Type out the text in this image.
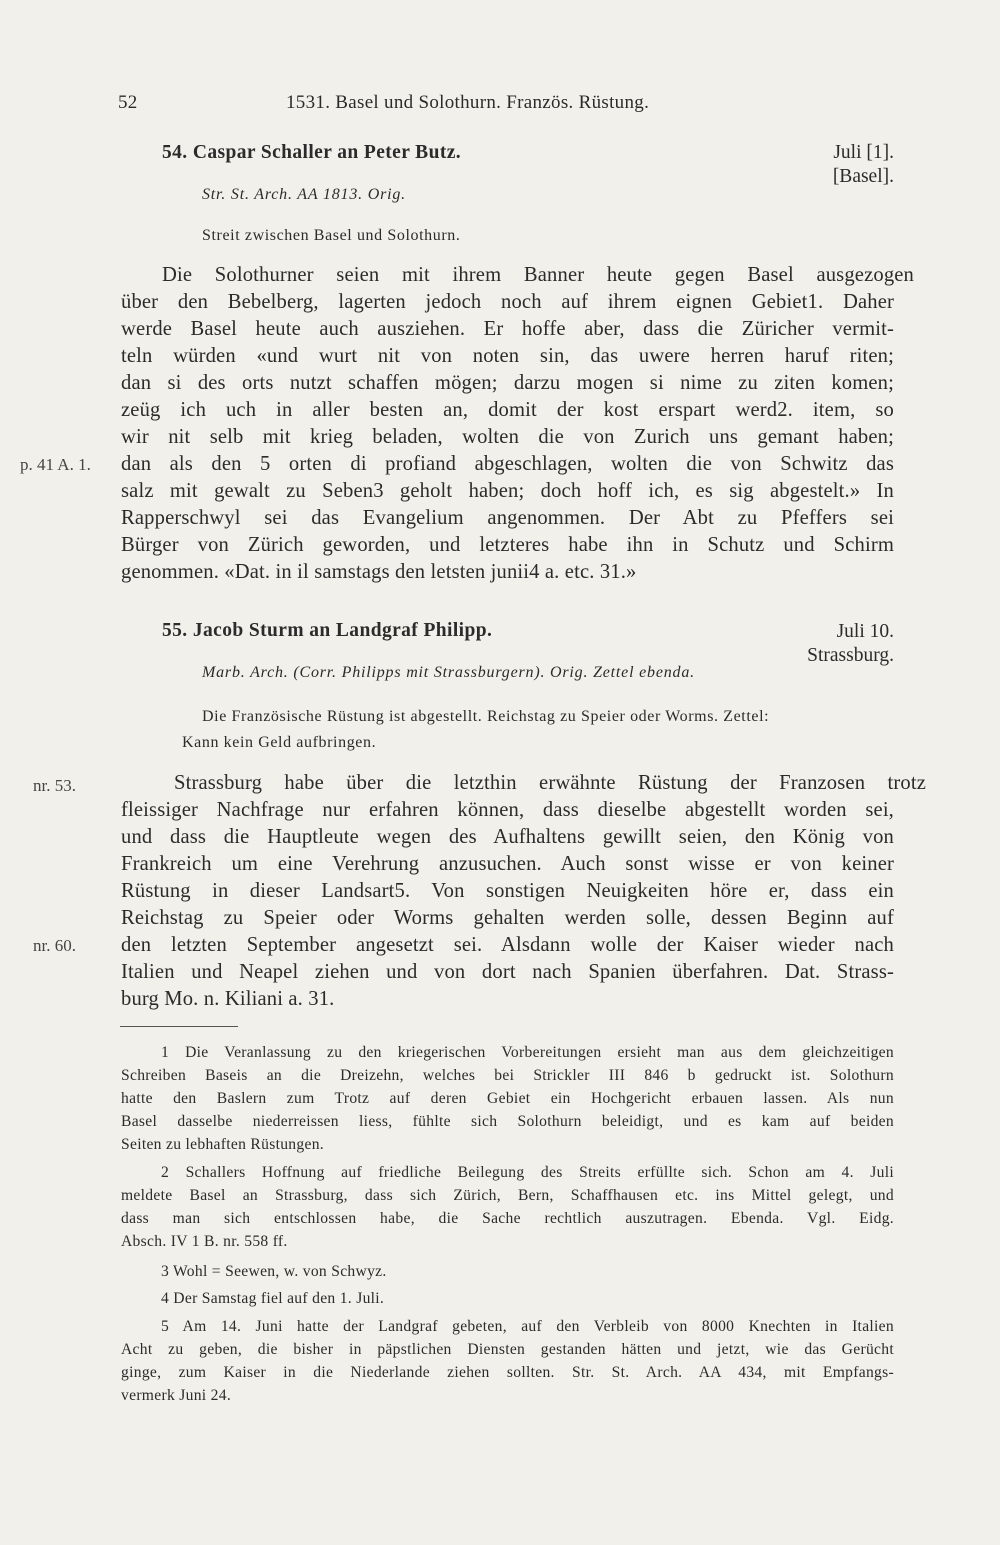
52	1531. Basel und Solothurn. Französ. Rüstung.
54. Caspar Schaller an Peter Butz.	Juli [1].
[Basel].
Str. St. Arch. AA 1813. Orig.
Streit zwischen Basel und Solothurn.
Die Solothurner seien mit ihrem Banner heute gegen Basel ausgezogen
über den Bebelberg, lagerten jedoch noch auf ihrem eignen Gebiet1. Daher
werde Basel heute auch ausziehen. Er hoffe aber, dass die Züricher vermit-
teln würden «und wurt nit von noten sin, das uwere herren haruf riten;
dan si des orts nutzt schaffen mögen; darzu mogen si nime zu ziten komen;
zeüg ich uch in aller besten an, domit der kost erspart werd2. item, so
wir nit selb mit krieg beladen, wolten die von Zurich uns gemant haben;
dan als den 5 orten di profiand abgeschlagen, wolten die von Schwitz das
salz mit gewalt zu Seben3 geholt haben; doch hoff ich, es sig abgestelt.» In
Rapperschwyl sei das Evangelium angenommen. Der Abt zu Pfeffers sei
Bürger von Zürich geworden, und letzteres habe ihn in Schutz und Schirm
genommen. «Dat. in il samstags den letsten junii4 a. etc. 31.»
p. 41 A. 1.
55. Jacob Sturm an Landgraf Philipp.	Juli 10.
Strassburg.
Marb. Arch. (Corr. Philipps mit Strassburgern). Orig. Zettel ebenda.
Die Französische Rüstung ist abgestellt. Reichstag zu Speier oder Worms. Zettel:
Kann kein Geld aufbringen.
Strassburg habe über die letzthin erwähnte Rüstung der Franzosen trotz
fleissiger Nachfrage nur erfahren können, dass dieselbe abgestellt worden sei,
und dass die Hauptleute wegen des Aufhaltens gewillt seien, den König von
Frankreich um eine Verehrung anzusuchen. Auch sonst wisse er von keiner
Rüstung in dieser Landsart5. Von sonstigen Neuigkeiten höre er, dass ein
Reichstag zu Speier oder Worms gehalten werden solle, dessen Beginn auf
den letzten September angesetzt sei. Alsdann wolle der Kaiser wieder nach
Italien und Neapel ziehen und von dort nach Spanien überfahren. Dat. Strass-
burg Mo. n. Kiliani a. 31.
nr. 53.
nr. 60.
1 Die Veranlassung zu den kriegerischen Vorbereitungen ersieht man aus dem gleichzeitigen
Schreiben Baseis an die Dreizehn, welches bei Strickler III 846 b gedruckt ist. Solothurn
hatte den Baslern zum Trotz auf deren Gebiet ein Hochgericht erbauen lassen. Als nun
Basel dasselbe niederreissen liess, fühlte sich Solothurn beleidigt, und es kam auf beiden
Seiten zu lebhaften Rüstungen.
2 Schallers Hoffnung auf friedliche Beilegung des Streits erfüllte sich. Schon am 4. Juli
meldete Basel an Strassburg, dass sich Zürich, Bern, Schaffhausen etc. ins Mittel gelegt, und
dass man sich entschlossen habe, die Sache rechtlich auszutragen. Ebenda. Vgl. Eidg.
Absch. IV 1 B. nr. 558 ff.
3 Wohl = Seewen, w. von Schwyz.
4 Der Samstag fiel auf den 1. Juli.
5 Am 14. Juni hatte der Landgraf gebeten, auf den Verbleib von 8000 Knechten in Italien
Acht zu geben, die bisher in päpstlichen Diensten gestanden hätten und jetzt, wie das Gerücht
ginge, zum Kaiser in die Niederlande ziehen sollten. Str. St. Arch. AA 434, mit Empfangs-
vermerk Juni 24.
